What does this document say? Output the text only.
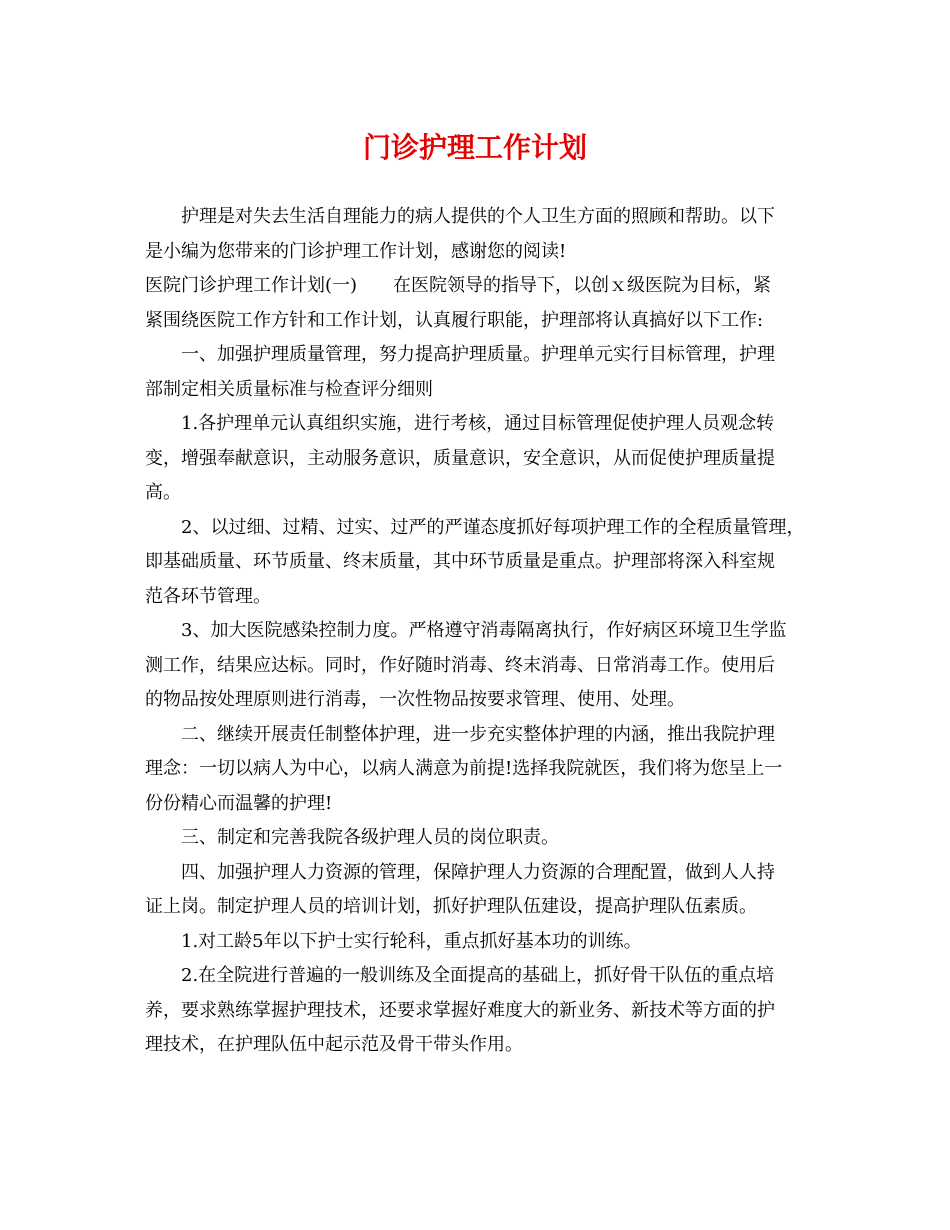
门诊护理工作计划
护理是对失去生活自理能力的病人提供的个人卫生方面的照顾和帮助。以下
是小编为您带来的门诊护理工作计划，感谢您的阅读!
医院门诊护理工作计划(一)　　在医院领导的指导下，以创ｘ级医院为目标，紧
紧围绕医院工作方针和工作计划，认真履行职能，护理部将认真搞好以下工作:
一、加强护理质量管理，努力提高护理质量。护理单元实行目标管理，护理
部制定相关质量标准与检查评分细则
1.各护理单元认真组织实施，进行考核，通过目标管理促使护理人员观念转
变，增强奉献意识，主动服务意识，质量意识，安全意识，从而促使护理质量提
高。
2、以过细、过精、过实、过严的严谨态度抓好每项护理工作的全程质量管理，
即基础质量、环节质量、终末质量，其中环节质量是重点。护理部将深入科室规
范各环节管理。
3、加大医院感染控制力度。严格遵守消毒隔离执行，作好病区环境卫生学监
测工作，结果应达标。同时，作好随时消毒、终末消毒、日常消毒工作。使用后
的物品按处理原则进行消毒，一次性物品按要求管理、使用、处理。
二、继续开展责任制整体护理，进一步充实整体护理的内涵，推出我院护理
理念：一切以病人为中心，以病人满意为前提!选择我院就医，我们将为您呈上一
份份精心而温馨的护理!
三、制定和完善我院各级护理人员的岗位职责。
四、加强护理人力资源的管理，保障护理人力资源的合理配置，做到人人持
证上岗。制定护理人员的培训计划，抓好护理队伍建设，提高护理队伍素质。
1.对工龄5年以下护士实行轮科，重点抓好基本功的训练。
2.在全院进行普遍的一般训练及全面提高的基础上，抓好骨干队伍的重点培
养，要求熟练掌握护理技术，还要求掌握好难度大的新业务、新技术等方面的护
理技术，在护理队伍中起示范及骨干带头作用。
